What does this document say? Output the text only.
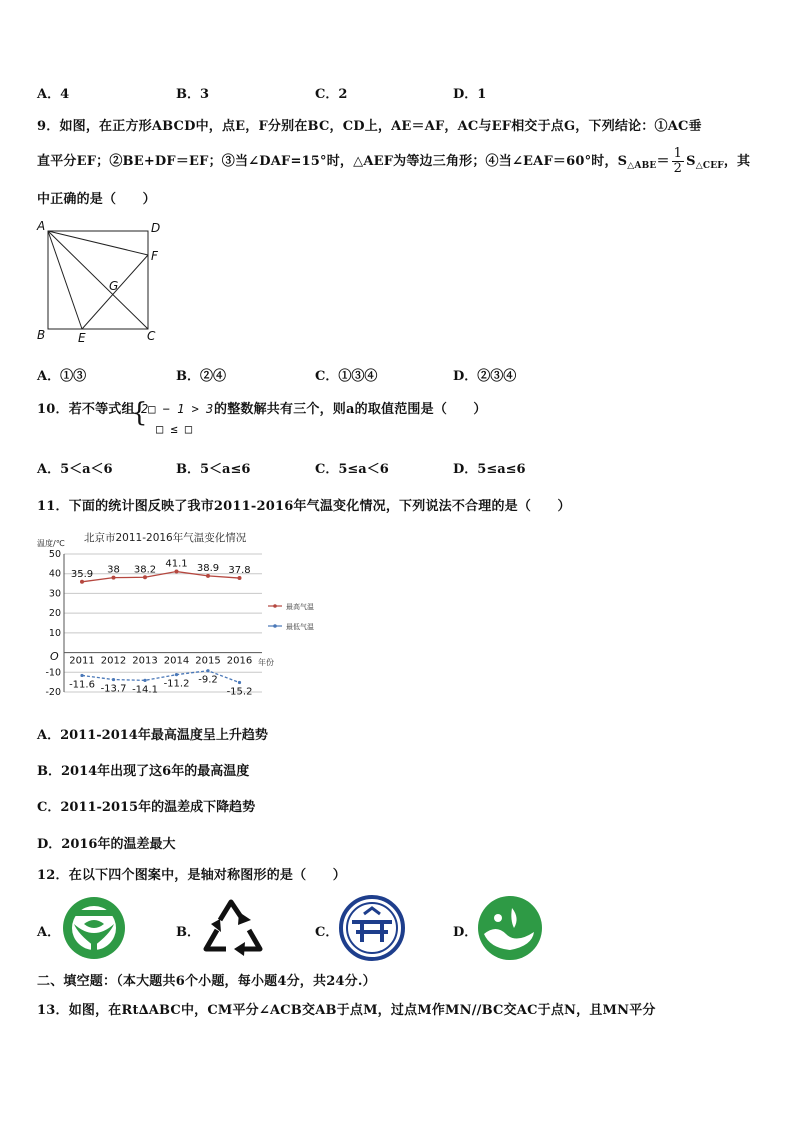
A．4	B．3	C．2	D．1
9．如图，在正方形ABCD中，点E，F分别在BC，CD上，AE＝AF，AC与EF相交于点G，下列结论：①AC垂
直平分EF；②BE+DF＝EF；③当∠DAF=15°时，△AEF为等边三角形；④当∠EAF＝60°时，$S_{\triangle ABE}= \frac{1}{2} S_{\triangle CEF}$，其
中正确的是（　　）
A	D
F
G
B	E	C
A．①③	B．②④	C．①③④	D．②③④
10．若不等式组
{
2□ − 1 > 3
□ ≤ □
的整数解共有三个，则a的取值范围是（　　）
A．5＜a＜6	B．5＜a≤6	C．5≤a＜6	D．5≤a≤6
11．下面的统计图反映了我市2011-2016年气温变化情况，下列说法不合理的是（　　）
北京市2011-2016年气温变化情况
温度/℃
50
40
30
20
10
-10
-20
2011 2012 2013 2014 2015 2016
O	年份
35.9 38 38.2
41.1 38.9 37.8
-11.6 -13.7 -14.1
-11.2 -9.2
-15.2
最高气温
最低气温
A．2011-2014年最高温度呈上升趋势
B．2014年出现了这6年的最高温度
C．2011-2015年的温差成下降趋势
D．2016年的温差最大
12．在以下四个图案中，是轴对称图形的是（　　）
A．	B．	C．	D．
二、填空题：（本大题共6个小题，每小题4分，共24分.）
13．如图，在Rt∆ABC中，CM平分∠ACB交AB于点M，过点M作MN//BC交AC于点N，且MN平分
